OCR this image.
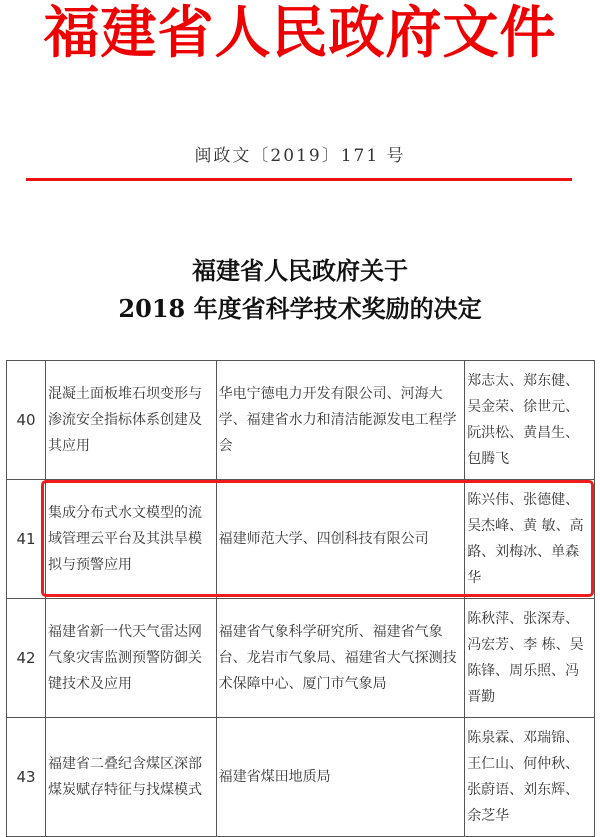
福建省人民政府文件
闽政文〔2019〕171 号
福建省人民政府关于
2018 年度省科学技术奖励的决定
40	混凝土面板堆石坝变形与渗流安全指标体系创建及其应用	华电宁德电力开发有限公司、河海大学、福建省水力和清洁能源发电工程学会	郑志太、郑东健、吴金荣、徐世元、阮洪松、黄昌生、包腾飞
41	集成分布式水文模型的流域管理云平台及其洪旱模拟与预警应用	福建师范大学、四创科技有限公司	陈兴伟、张德健、吴杰峰、黄 敏、高 路、刘梅冰、单森华
42	福建省新一代天气雷达网气象灾害监测预警防御关键技术及应用	福建省气象科学研究所、福建省气象台、龙岩市气象局、福建省大气探测技术保障中心、厦门市气象局	陈秋萍、张深寿、冯宏芳、李 栋、吴陈锋、周乐照、冯晋勤
43	福建省二叠纪含煤区深部煤炭赋存特征与找煤模式	福建省煤田地质局	陈泉霖、邓瑞锦、王仁山、何仲秋、张蔚语、刘东辉、余芝华
